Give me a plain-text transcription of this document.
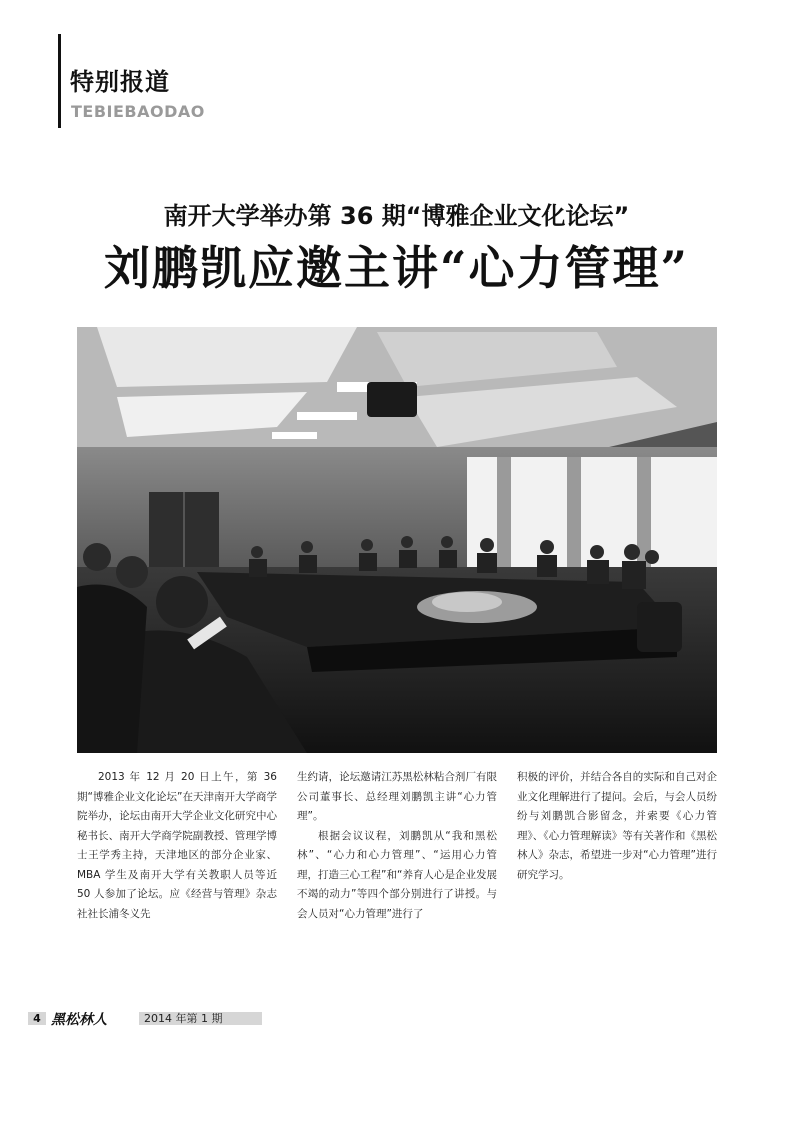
特别报道
TEBIEBAODAO
南开大学举办第 36 期“博雅企业文化论坛”
刘鹏凯应邀主讲“心力管理”

2013 年 12 月 20 日上午，第 36 期“博雅企业文化论坛”在天津南开大学商学院举办，论坛由南开大学企业文化研究中心秘书长、南开大学商学院副教授、管理学博士王学秀主持，天津地区的部分企业家、MBA 学生及南开大学有关教职人员等近 50 人参加了论坛。应《经营与管理》杂志社社长浦冬义先

生约请，论坛邀请江苏黑松林粘合剂厂有限公司董事长、总经理刘鹏凯主讲“心力管理”。

根据会议议程，刘鹏凯从“我和黑松林”、“心力和心力管理”、“运用心力管理，打造三心工程”和“养育人心是企业发展不竭的动力”等四个部分别进行了讲授。与会人员对“心力管理”进行了

积极的评价，并结合各自的实际和自己对企业文化理解进行了提问。会后，与会人员纷纷与刘鹏凯合影留念，并索要《心力管理》、《心力管理解读》等有关著作和《黑松林人》杂志，希望进一步对“心力管理”进行研究学习。

4 黑松林人	2014 年第 1 期
